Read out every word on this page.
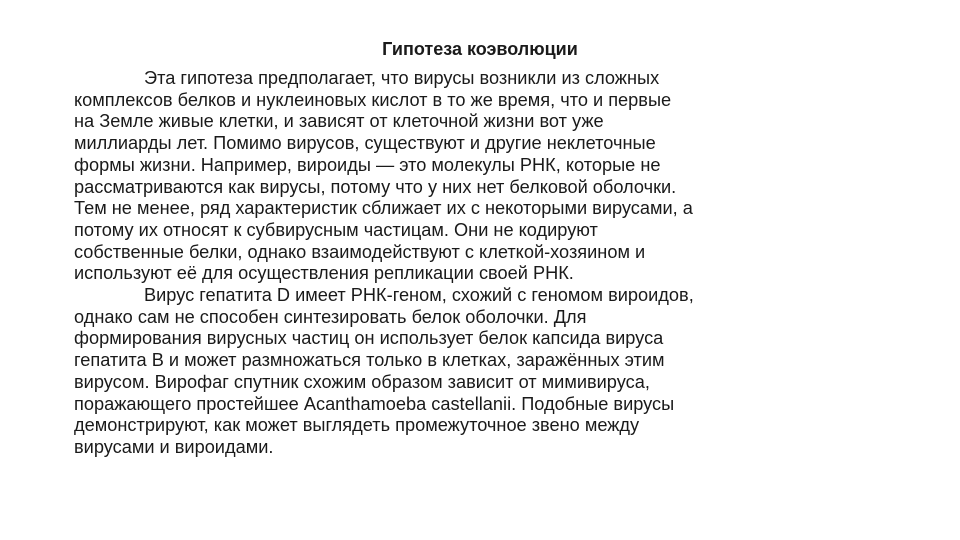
Гипотеза коэволюции
Эта гипотеза предполагает, что вирусы возникли из сложных
комплексов белков и нуклеиновых кислот в то же время, что и первые
на Земле живые клетки, и зависят от клеточной жизни вот уже
миллиарды лет. Помимо вирусов, существуют и другие неклеточные
формы жизни. Например, вироиды — это молекулы РНК, которые не
рассматриваются как вирусы, потому что у них нет белковой оболочки.
Тем не менее, ряд характеристик сближает их с некоторыми вирусами, а
потому их относят к субвирусным частицам. Они не кодируют
собственные белки, однако взаимодействуют с клеткой-хозяином и
используют её для осуществления репликации своей РНК.
Вирус гепатита D имеет РНК-геном, схожий с геномом вироидов,
однако сам не способен синтезировать белок оболочки. Для
формирования вирусных частиц он использует белок капсида вируса
гепатита B и может размножаться только в клетках, заражённых этим
вирусом. Вирофаг спутник схожим образом зависит от мимивируса,
поражающего простейшее Acanthamoeba castellanii. Подобные вирусы
демонстрируют, как может выглядеть промежуточное звено между
вирусами и вироидами.
